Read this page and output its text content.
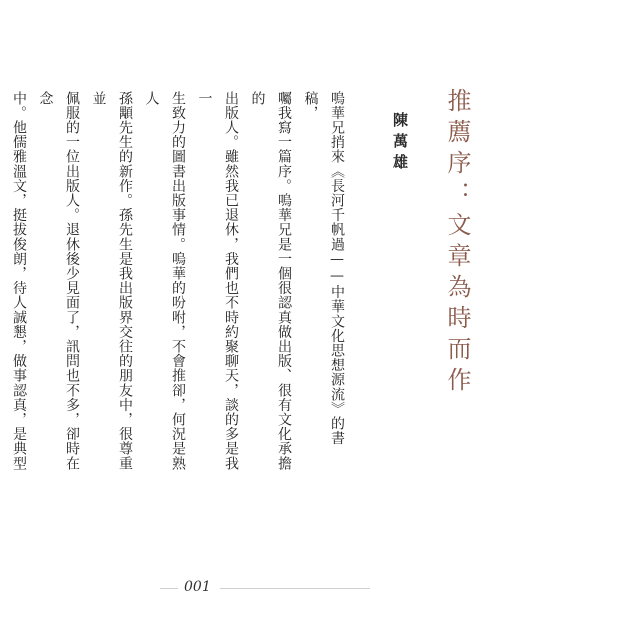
推薦序：文章為時而作
陳萬雄
嗚華兄捎來《長河千帆過——中華文化思想源流》的書稿，
囑我寫一篇序。嗚華兄是一個很認真做出版、很有文化承擔的
出版人。雖然我已退休，我們也不時約聚聊天，談的多是我一
生致力的圖書出版事情。嗚華的吩咐，不會推卻，何況是熟人
孫顒先生的新作。孫先生是我出版界交往的朋友中，很尊重並
佩服的一位出版人。退休後少見面了，訊問也不多，卻時在念
中。他儒雅溫文，挺拔俊朗，待人誠懇，做事認真，是典型
001
